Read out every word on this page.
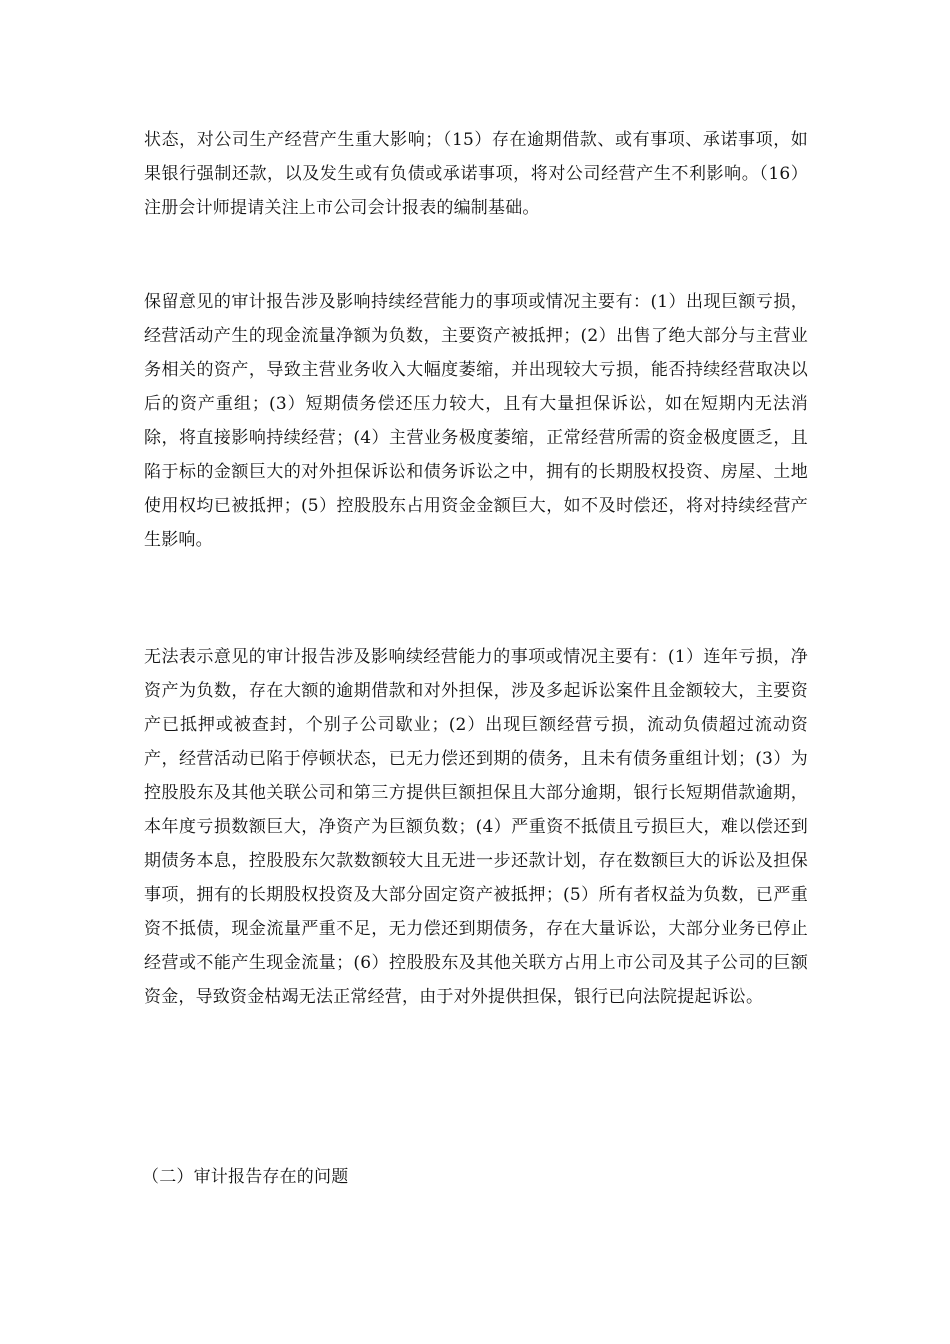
状态，对公司生产经营产生重大影响；（15）存在逾期借款、或有事项、承诺事项，如果银行强制还款，以及发生或有负债或承诺事项，将对公司经营产生不利影响。（16）注册会计师提请关注上市公司会计报表的编制基础。

保留意见的审计报告涉及影响持续经营能力的事项或情况主要有：(1）出现巨额亏损，经营活动产生的现金流量净额为负数，主要资产被抵押；(2）出售了绝大部分与主营业务相关的资产，导致主营业务收入大幅度萎缩，并出现较大亏损，能否持续经营取决以后的资产重组；(3）短期债务偿还压力较大，且有大量担保诉讼，如在短期内无法消除，将直接影响持续经营；(4）主营业务极度萎缩，正常经营所需的资金极度匮乏，且陷于标的金额巨大的对外担保诉讼和债务诉讼之中，拥有的长期股权投资、房屋、土地使用权均已被抵押；(5）控股股东占用资金金额巨大，如不及时偿还，将对持续经营产生影响。

无法表示意见的审计报告涉及影响续经营能力的事项或情况主要有：(1）连年亏损，净资产为负数，存在大额的逾期借款和对外担保，涉及多起诉讼案件且金额较大，主要资产已抵押或被查封，个别子公司歇业；(2）出现巨额经营亏损，流动负债超过流动资产，经营活动已陷于停顿状态，已无力偿还到期的债务，且未有债务重组计划；(3）为控股股东及其他关联公司和第三方提供巨额担保且大部分逾期，银行长短期借款逾期，本年度亏损数额巨大，净资产为巨额负数；(4）严重资不抵债且亏损巨大，难以偿还到期债务本息，控股股东欠款数额较大且无进一步还款计划，存在数额巨大的诉讼及担保事项，拥有的长期股权投资及大部分固定资产被抵押；(5）所有者权益为负数，已严重资不抵债，现金流量严重不足，无力偿还到期债务，存在大量诉讼，大部分业务已停止经营或不能产生现金流量；(6）控股股东及其他关联方占用上市公司及其子公司的巨额资金，导致资金枯竭无法正常经营，由于对外提供担保，银行已向法院提起诉讼。

（二）审计报告存在的问题
